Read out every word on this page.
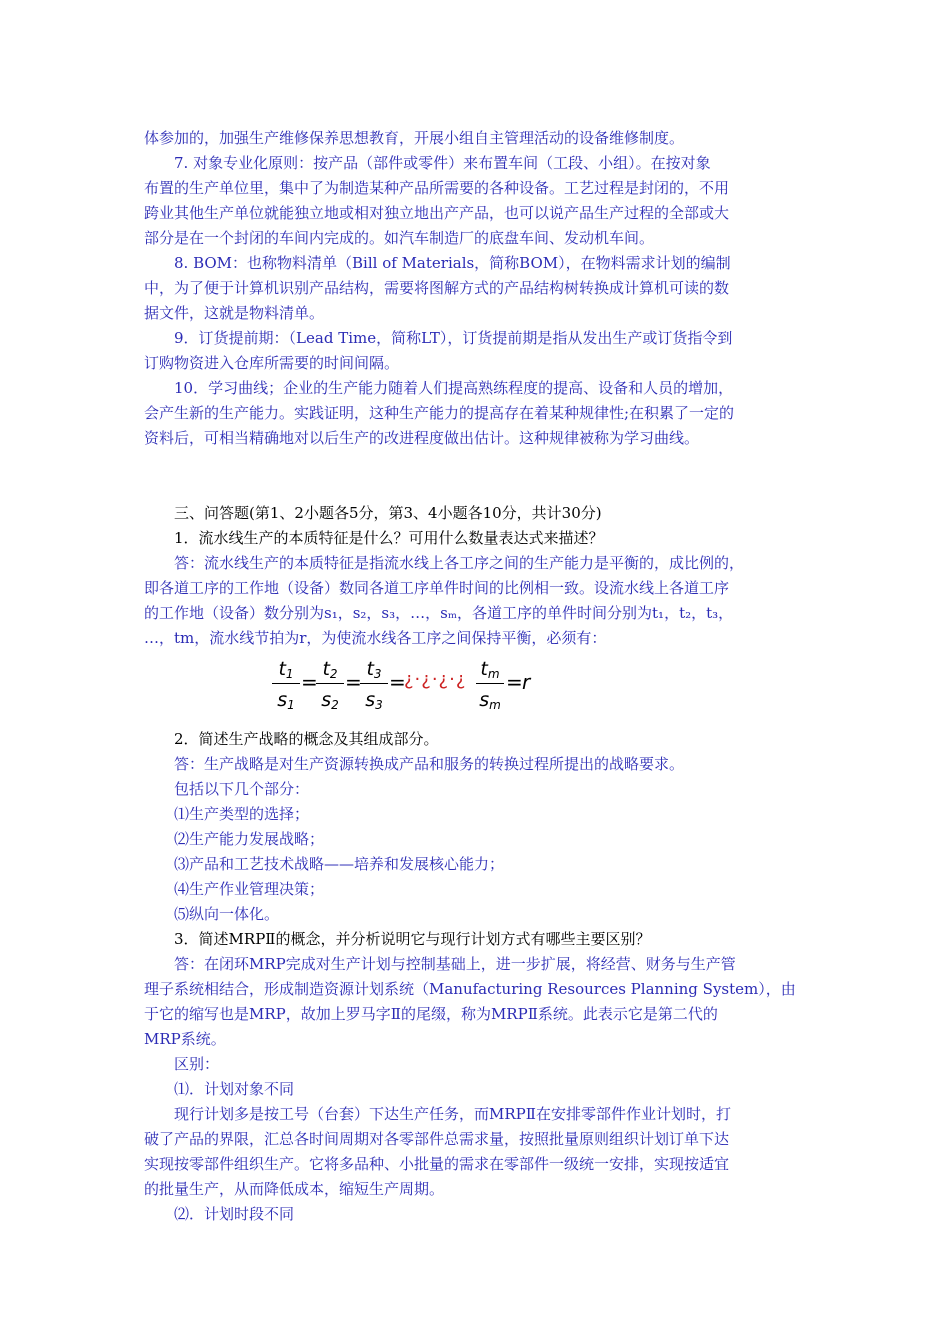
体参加的，加强生产维修保养思想教育，开展小组自主管理活动的设备维修制度。
7. 对象专业化原则：按产品（部件或零件）来布置车间（工段、小组）。在按对象
布置的生产单位里，集中了为制造某种产品所需要的各种设备。工艺过程是封闭的，不用
跨业其他生产单位就能独立地或相对独立地出产产品，也可以说产品生产过程的全部或大
部分是在一个封闭的车间内完成的。如汽车制造厂的底盘车间、发动机车间。
8. BOM：也称物料清单（Bill of Materials，简称BOM），在物料需求计划的编制
中，为了便于计算机识别产品结构，需要将图解方式的产品结构树转换成计算机可读的数
据文件，这就是物料清单。
9．订货提前期：（Lead Time，简称LT），订货提前期是指从发出生产或订货指令到
订购物资进入仓库所需要的时间间隔。
10．学习曲线；企业的生产能力随着人们提高熟练程度的提高、设备和人员的增加，
会产生新的生产能力。实践证明，这种生产能力的提高存在着某种规律性;在积累了一定的
资料后，可相当精确地对以后生产的改进程度做出估计。这种规律被称为学习曲线。
三、问答题(第1、2小题各5分，第3、4小题各10分，共计30分)
1．流水线生产的本质特征是什么？可用什么数量表达式来描述？
答：流水线生产的本质特征是指流水线上各工序之间的生产能力是平衡的，成比例的，
即各道工序的工作地（设备）数同各道工序单件时间的比例相一致。设流水线上各道工序
的工作地（设备）数分别为s₁，s₂，s₃，…，sₘ，各道工序的单件时间分别为t₁，t₂，t₃，
…，tm，流水线节拍为r，为使流水线各工序之间保持平衡，必须有：
$\frac{t_1}{s_1}$ =
$\frac{t_2}{s_2}$ =
$\frac{t_3}{s_3}$ =
¿·¿·¿·¿ $\frac{t_m}{s_m} = r$
2．简述生产战略的概念及其组成部分。
答：生产战略是对生产资源转换成产品和服务的转换过程所提出的战略要求。
包括以下几个部分：
⑴生产类型的选择；
⑵生产能力发展战略；
⑶产品和工艺技术战略——培养和发展核心能力；
⑷生产作业管理决策；
⑸纵向一体化。
3．简述MRPⅡ的概念，并分析说明它与现行计划方式有哪些主要区别？
答：在闭环MRP完成对生产计划与控制基础上，进一步扩展，将经营、财务与生产管
理子系统相结合，形成制造资源计划系统（Manufacturing Resources Planning System），由
于它的缩写也是MRP，故加上罗马字Ⅱ的尾缀，称为MRPⅡ系统。此表示它是第二代的
MRP系统。
区别：
⑴．计划对象不同
现行计划多是按工号（台套）下达生产任务，而MRPⅡ在安排零部件作业计划时，打
破了产品的界限，汇总各时间周期对各零部件总需求量，按照批量原则组织计划订单下达
实现按零部件组织生产。它将多品种、小批量的需求在零部件一级统一安排，实现按适宜
的批量生产，从而降低成本，缩短生产周期。
⑵．计划时段不同
